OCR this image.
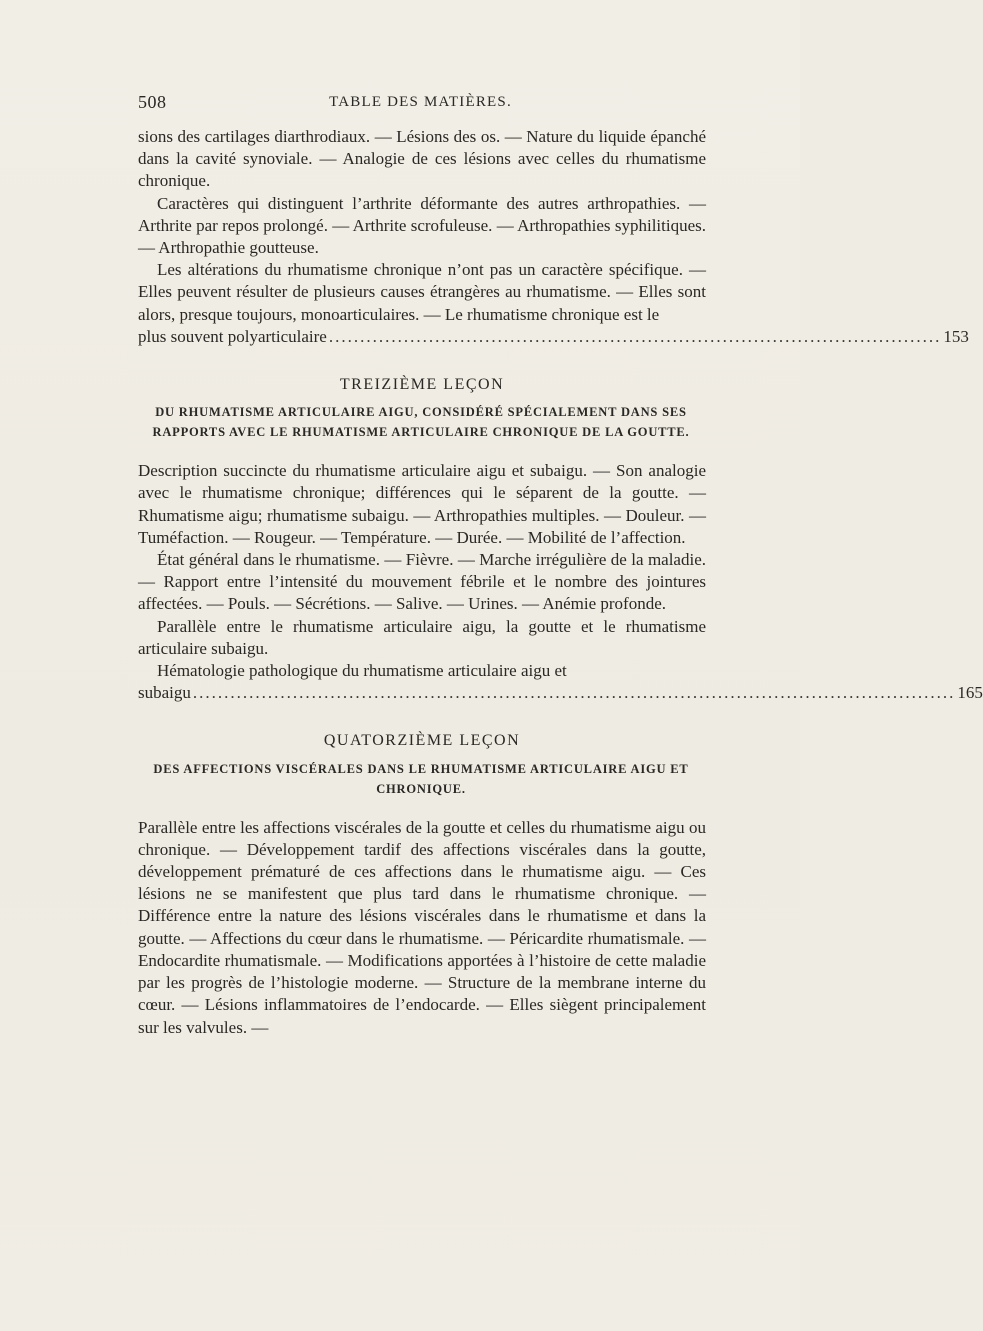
508	TABLE DES MATIÈRES.

sions des cartilages diarthrodiaux. — Lésions des os. — Nature du liquide épanché dans la cavité synoviale. — Analogie de ces lésions avec celles du rhumatisme chronique.

Caractères qui distinguent l’arthrite déformante des autres arthropathies. — Arthrite par repos prolongé. — Arthrite scrofuleuse. — Arthropathies syphilitiques. — Arthropathie goutteuse.

Les altérations du rhumatisme chronique n’ont pas un caractère spécifique. — Elles peuvent résulter de plusieurs causes étrangères au rhumatisme. — Elles sont alors, presque toujours, monoarticulaires. — Le rhumatisme chronique est le

plus souvent polyarticulaire .................................................................................................. 153
TREIZIÈME LEÇON
DU RHUMATISME ARTICULAIRE AIGU, CONSIDÉRÉ SPÉCIALEMENT DANS SES RAPPORTS AVEC LE RHUMATISME ARTICULAIRE CHRONIQUE DE LA GOUTTE.

Description succincte du rhumatisme articulaire aigu et subaigu. — Son analogie avec le rhumatisme chronique; différences qui le séparent de la goutte. — Rhumatisme aigu; rhumatisme subaigu. — Arthropathies multiples. — Douleur. — Tuméfaction. — Rougeur. — Température. — Durée. — Mobilité de l’affection.

État général dans le rhumatisme. — Fièvre. — Marche irrégulière de la maladie. — Rapport entre l’intensité du mouvement fébrile et le nombre des jointures affectées. — Pouls. — Sécrétions. — Salive. — Urines. — Anémie profonde.

Parallèle entre le rhumatisme articulaire aigu, la goutte et le rhumatisme articulaire subaigu.

Hématologie pathologique du rhumatisme articulaire aigu et

subaigu .......................................................................................................................... 165
QUATORZIÈME LEÇON
DES AFFECTIONS VISCÉRALES DANS LE RHUMATISME ARTICULAIRE AIGU ET CHRONIQUE.

Parallèle entre les affections viscérales de la goutte et celles du rhumatisme aigu ou chronique. — Développement tardif des affections viscérales dans la goutte, développement prématuré de ces affections dans le rhumatisme aigu. — Ces lésions ne se manifestent que plus tard dans le rhumatisme chronique. — Différence entre la nature des lésions viscérales dans le rhumatisme et dans la goutte. — Affections du cœur dans le rhumatisme. — Péricardite rhumatismale. — Endocardite rhumatismale. — Modifications apportées à l’histoire de cette maladie par les progrès de l’histologie moderne. — Structure de la membrane interne du cœur. — Lésions inflammatoires de l’endocarde. — Elles siègent principalement sur les valvules. —
